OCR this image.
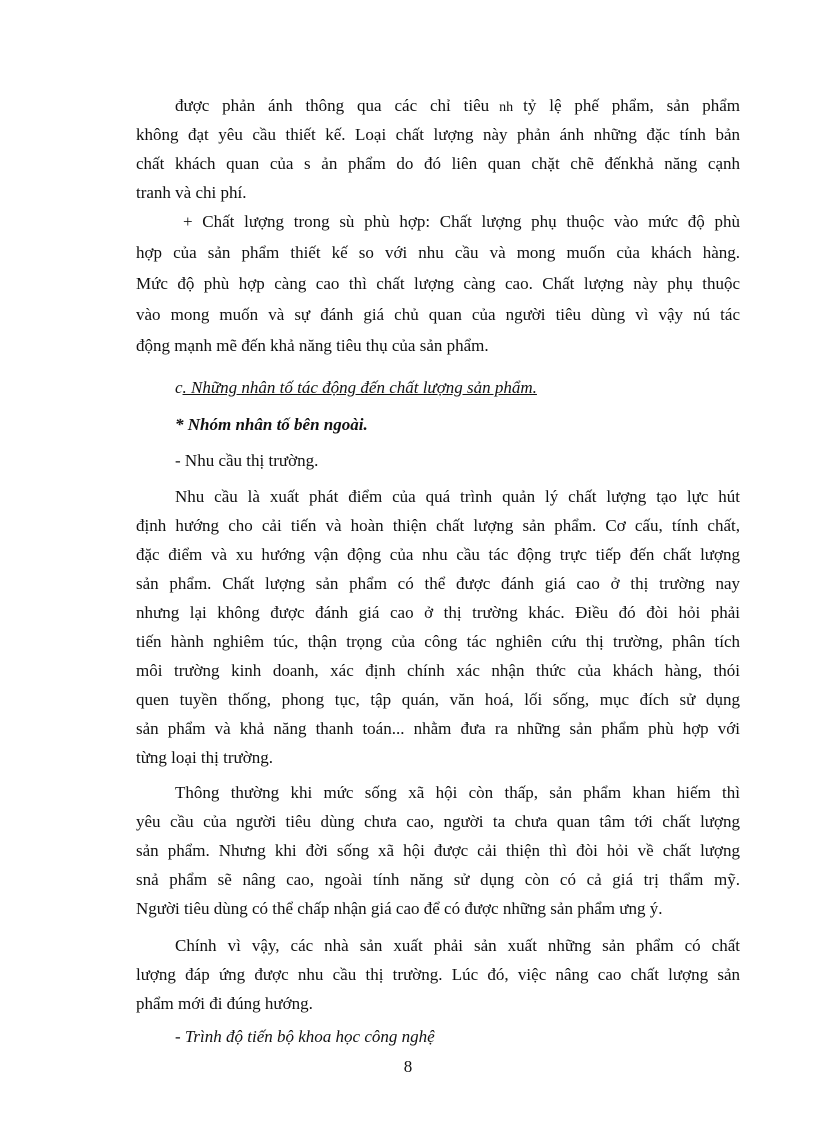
được phản ánh thông qua các chỉ tiêu nh tỷ lệ phế phẩm, sản phẩm
không đạt yêu cầu thiết kế. Loại chất lượng này phản ánh những đặc tính bản
chất khách quan của s ản phẩm do đó liên quan chặt chẽ đếnkhả năng cạnh
tranh và chi phí.
+ Chất lượng trong sù phù hợp: Chất lượng phụ thuộc vào mức độ phù
hợp của sản phẩm thiết kế so với nhu cầu và mong muốn của khách hàng.
Mức độ phù hợp càng cao thì chất lượng càng cao. Chất lượng này phụ thuộc
vào mong muốn và sự đánh giá chủ quan của người tiêu dùng vì vậy nú tác
động mạnh mẽ đến khả năng tiêu thụ của sản phẩm.
c. Những nhân tố tác động đến chất lượng sản phẩm.
* Nhóm nhân tố bên ngoài.
- Nhu cầu thị trường.
Nhu cầu là xuất phát điểm của quá trình quản lý chất lượng tạo lực hút
định hướng cho cải tiến và hoàn thiện chất lượng sản phẩm. Cơ cấu, tính chất,
đặc điểm và xu hướng vận động của nhu cầu tác động trực tiếp đến chất lượng
sản phẩm. Chất lượng sản phẩm có thể được đánh giá cao ở thị trường nay
nhưng lại không được đánh giá cao ở thị trường khác. Điều đó đòi hỏi phải
tiến hành nghiêm túc, thận trọng của công tác nghiên cứu thị trường, phân tích
môi trường kinh doanh, xác định chính xác nhận thức của khách hàng, thói
quen tuyền thống, phong tục, tập quán, văn hoá, lối sống, mục đích sử dụng
sản phẩm và khả năng thanh toán... nhằm đưa ra những sản phẩm phù hợp với
từng loại thị trường.
Thông thường khi mức sống xã hội còn thấp, sản phẩm khan hiếm thì
yêu cầu của người tiêu dùng chưa cao, người ta chưa quan tâm tới chất lượng
sản phẩm. Nhưng khi đời sống xã hội được cải thiện thì đòi hỏi về chất lượng
snả phẩm sẽ nâng cao, ngoài tính năng sử dụng còn có cả giá trị thẩm mỹ.
Người tiêu dùng có thể chấp nhận giá cao để có được những sản phẩm ưng ý.
Chính vì vậy, các nhà sản xuất phải sản xuất những sản phẩm có chất
lượng đáp ứng được nhu cầu thị trường. Lúc đó, việc nâng cao chất lượng sản
phẩm mới đi đúng hướng.
- Trình độ tiến bộ khoa học công nghệ
8
